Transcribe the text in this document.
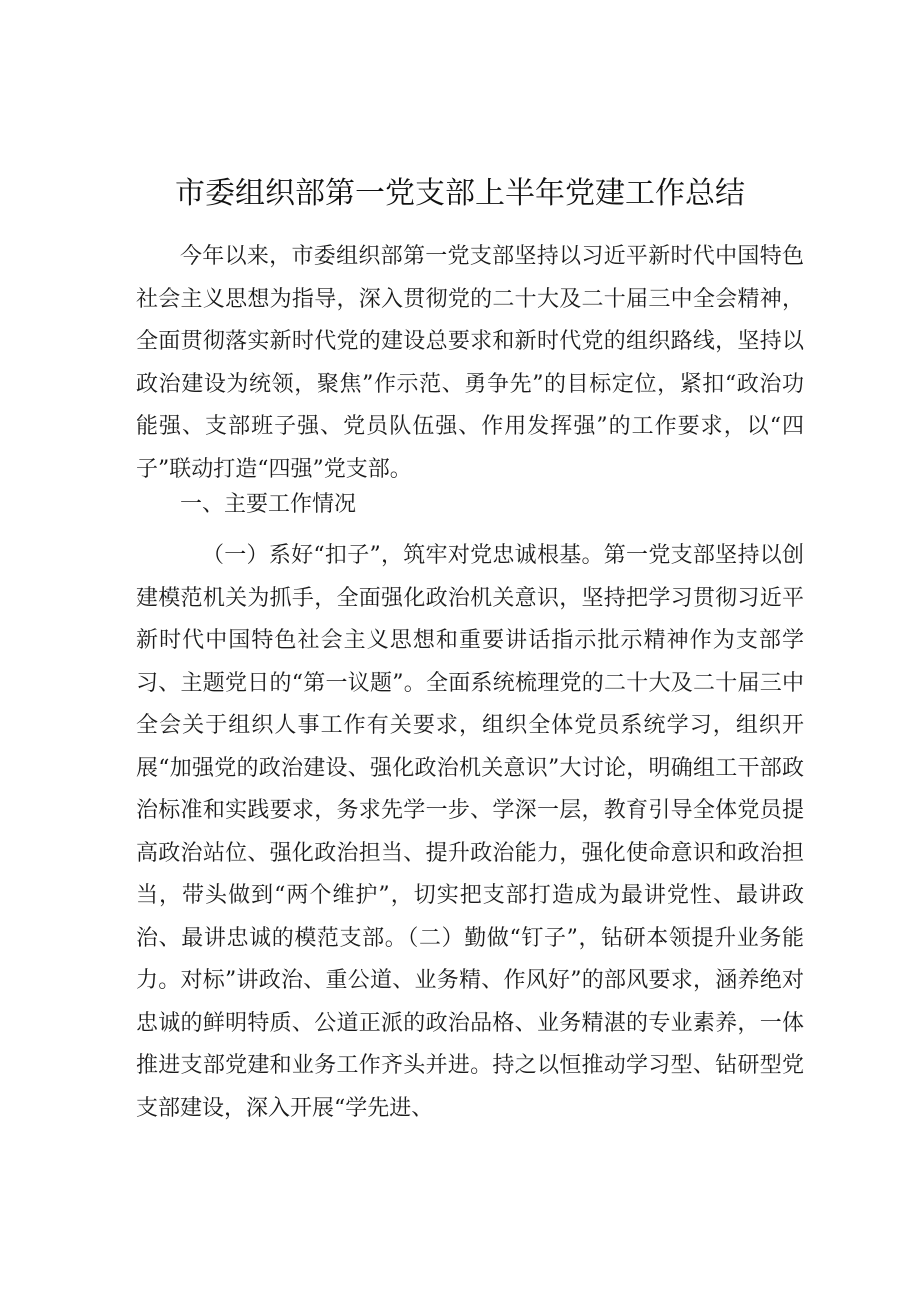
市委组织部第一党支部上半年党建工作总结

今年以来，市委组织部第一党支部坚持以习近平新时代中国特色社会主义思想为指导，深入贯彻党的二十大及二十届三中全会精神，全面贯彻落实新时代党的建设总要求和新时代党的组织路线，坚持以政治建设为统领，聚焦”作示范、勇争先”的目标定位，紧扣“政治功能强、支部班子强、党员队伍强、作用发挥强”的工作要求，以“四子”联动打造“四强”党支部。

一、主要工作情况

（一）系好“扣子”，筑牢对党忠诚根基。第一党支部坚持以创建模范机关为抓手，全面强化政治机关意识，坚持把学习贯彻习近平新时代中国特色社会主义思想和重要讲话指示批示精神作为支部学习、主题党日的“第一议题”。全面系统梳理党的二十大及二十届三中全会关于组织人事工作有关要求，组织全体党员系统学习，组织开展“加强党的政治建设、强化政治机关意识”大讨论，明确组工干部政治标准和实践要求，务求先学一步、学深一层，教育引导全体党员提高政治站位、强化政治担当、提升政治能力，强化使命意识和政治担当，带头做到“两个维护”，切实把支部打造成为最讲党性、最讲政治、最讲忠诚的模范支部。（二）勤做“钉子”，钻研本领提升业务能力。对标”讲政治、重公道、业务精、作风好”的部风要求，涵养绝对忠诚的鲜明特质、公道正派的政治品格、业务精湛的专业素养，一体推进支部党建和业务工作齐头并进。持之以恒推动学习型、钻研型党支部建设，深入开展“学先进、
